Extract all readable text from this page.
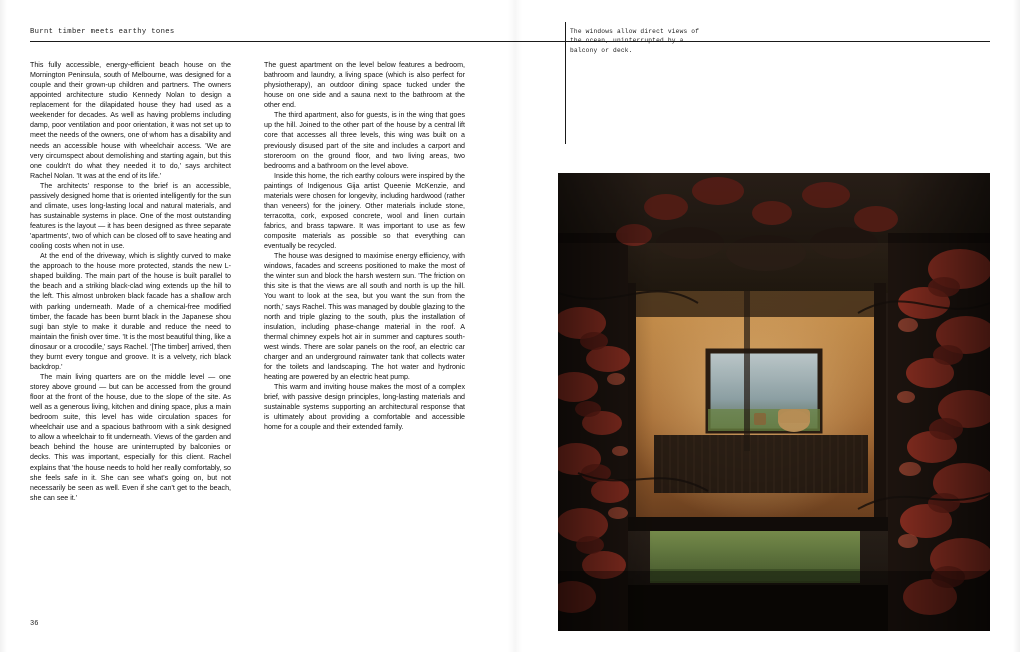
Burnt timber meets earthy tones	The windows allow direct views of the ocean, uninterrupted by a balcony or deck.

This fully accessible, energy‐efficient beach house on the Mornington Peninsula, south of Melbourne, was designed for a couple and their grown‐up children and partners. The owners appointed architecture studio Kennedy Nolan to design a replacement for the dilapidated house they had used as a weekender for decades. As well as having problems including damp, poor ventilation and poor orientation, it was not set up to meet the needs of the owners, one of whom has a disability and needs an accessible house with wheelchair access. 'We are very circumspect about demolishing and starting again, but this one couldn't do what they needed it to do,' says architect Rachel Nolan. 'It was at the end of its life.'

The architects' response to the brief is an accessible, passively designed home that is oriented intelligently for the sun and climate, uses long‐lasting local and natural materials, and has sustainable systems in place. One of the most outstanding features is the layout — it has been designed as three separate 'apartments', two of which can be closed off to save heating and cooling costs when not in use.

At the end of the driveway, which is slightly curved to make the approach to the house more protected, stands the new L‐shaped building. The main part of the house is built parallel to the beach and a striking black‐clad wing extends up the hill to the left. This almost unbroken black facade has a shallow arch with parking underneath. Made of a chemical‐free modified timber, the facade has been burnt black in the Japanese shou sugi ban style to make it durable and reduce the need to maintain the finish over time. 'It is the most beautiful thing, like a dinosaur or a crocodile,' says Rachel. '[The timber] arrived, then they burnt every tongue and groove. It is a velvety, rich black backdrop.'

The main living quarters are on the middle level — one storey above ground — but can be accessed from the ground floor at the front of the house, due to the slope of the site. As well as a generous living, kitchen and dining space, plus a main bedroom suite, this level has wide circulation spaces for wheelchair use and a spacious bathroom with a sink designed to allow a wheelchair to fit underneath. Views of the garden and beach behind the house are uninterrupted by balconies or decks. This was important, especially for this client. Rachel explains that 'the house needs to hold her really comfortably, so she feels safe in it. She can see what's going on, but not necessarily be seen as well. Even if she can't get to the beach, she can see it.'

The guest apartment on the level below features a bedroom, bathroom and laundry, a living space (which is also perfect for physiotherapy), an outdoor dining space tucked under the house on one side and a sauna next to the bathroom at the other end.

The third apartment, also for guests, is in the wing that goes up the hill. Joined to the other part of the house by a central lift core that accesses all three levels, this wing was built on a previously disused part of the site and includes a carport and storeroom on the ground floor, and two living areas, two bedrooms and a bathroom on the level above.

Inside this home, the rich earthy colours were inspired by the paintings of Indigenous Gija artist Queenie McKenzie, and materials were chosen for longevity, including hardwood (rather than veneers) for the joinery. Other materials include stone, terracotta, cork, exposed concrete, wool and linen curtain fabrics, and brass tapware. It was important to use as few composite materials as possible so that everything can eventually be recycled.

The house was designed to maximise energy efficiency, with windows, facades and screens positioned to make the most of the winter sun and block the harsh western sun. 'The friction on this site is that the views are all south and north is up the hill. You want to look at the sea, but you want the sun from the north,' says Rachel. This was managed by double glazing to the north and triple glazing to the south, plus the installation of insulation, including phase‐change material in the roof. A thermal chimney expels hot air in summer and captures south‐west winds. There are solar panels on the roof, an electric car charger and an underground rainwater tank that collects water for the toilets and landscaping. The hot water and hydronic heating are powered by an electric heat pump.

This warm and inviting house makes the most of a complex brief, with passive design principles, long‐lasting materials and sustainable systems supporting an architectural response that is ultimately about providing a comfortable and accessible home for a couple and their extended family.

36
